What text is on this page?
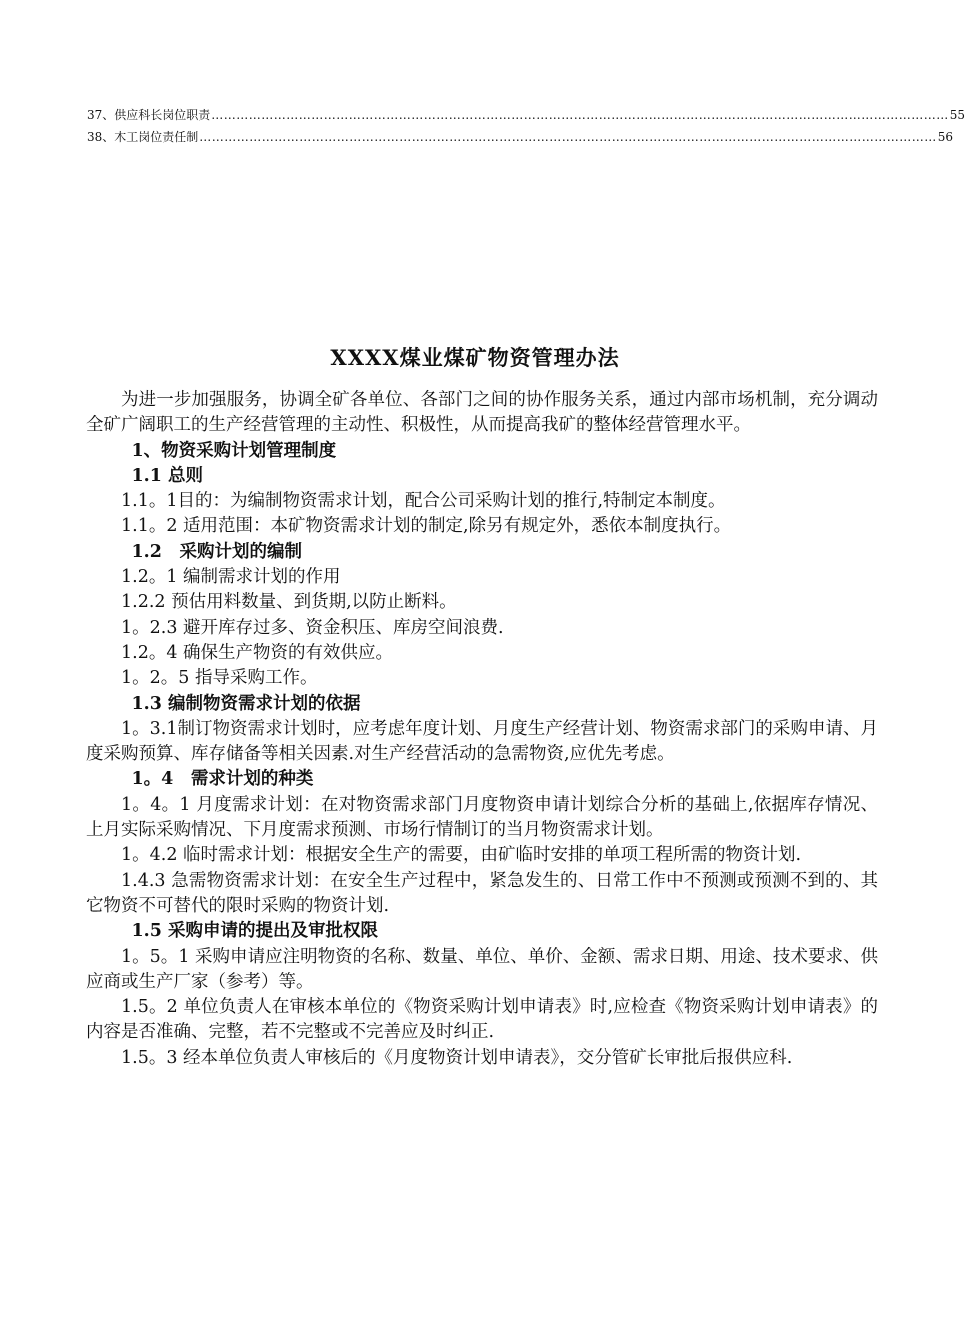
37、 供应科长岗位职责 …………………………………………………………………………………………………………………………………………………………… 55
38、 木工岗位责任制 …………………………………………………………………………………………………………………………………………………………… 56
XXXX煤业煤矿物资管理办法

为进一步加强服务，协调全矿各单位、各部门之间的协作服务关系，通过内部市场机制，充分调动全矿广阔职工的生产经营管理的主动性、积极性，从而提高我矿的整体经营管理水平。

1、物资采购计划管理制度

1.1 总则

1.1。1目的：为编制物资需求计划，配合公司采购计划的推行,特制定本制度。

1.1。2 适用范围：本矿物资需求计划的制定,除另有规定外，悉依本制度执行。

1.2　采购计划的编制

1.2。1 编制需求计划的作用

1.2.2 预估用料数量、到货期,以防止断料。

1。2.3 避开库存过多、资金积压、库房空间浪费.

1.2。4 确保生产物资的有效供应。

1。2。5 指导采购工作。

1.3 编制物资需求计划的依据

1。3.1制订物资需求计划时，应考虑年度计划、月度生产经营计划、物资需求部门的采购申请、月度采购预算、库存储备等相关因素.对生产经营活动的急需物资,应优先考虑。

1。4　需求计划的种类

1。4。1 月度需求计划：在对物资需求部门月度物资申请计划综合分析的基础上,依据库存情况、上月实际采购情况、下月度需求预测、市场行情制订的当月物资需求计划。

1。4.2 临时需求计划：根据安全生产的需要，由矿临时安排的单项工程所需的物资计划.

1.4.3 急需物资需求计划：在安全生产过程中，紧急发生的、日常工作中不预测或预测不到的、其它物资不可替代的限时采购的物资计划.

1.5 采购申请的提出及审批权限

1。5。1 采购申请应注明物资的名称、数量、单位、单价、金额、需求日期、用途、技术要求、供应商或生产厂家（参考）等。

1.5。2 单位负责人在审核本单位的《物资采购计划申请表》时,应检查《物资采购计划申请表》的内容是否准确、完整，若不完整或不完善应及时纠正.

1.5。3 经本单位负责人审核后的《月度物资计划申请表》，交分管矿长审批后报供应科.
